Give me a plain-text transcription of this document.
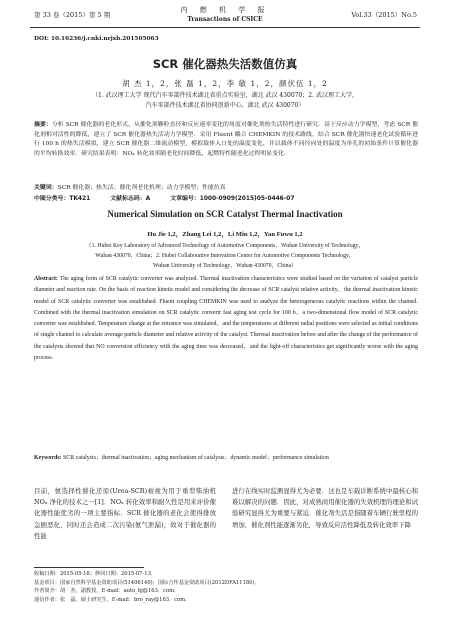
第 33 卷（2015）第 5 期
内 燃 机 学 报
Transactions of CSICE
Vol.33（2015）No.5
DOI: 10.16236/j.cnki.nrjxb.201505063
SCR 催化器热失活数值仿真
胡 杰 1，2，张 磊 1，2，李 敏 1，2，颜伏伍 1，2
（1. 武汉理工大学 现代汽车零部件技术湖北省重点实验室，湖北 武汉 430070；2. 武汉理工大学，
汽车零部件技术湖北省协同创新中心，湖北 武汉 430070）
摘要：分析 SCR 催化器的老化形式，从催化剂颗粒直径和反应速率变化的角度对催化剂热失活特性进行研究．基于反应动力学模型，考虑 SCR 催化剂相对活性的降低，建立了 SCR 催化器热失活动力学模型．采用 Fluent 耦合 CHEMKIN 的技术路线，结合 SCR 催化器快速老化试验循环进行 100 h 的热失活模拟，建立 SCR 催化器二维流动模型，模拟载体入口处的温度变化，并以载体不同径向处的温度为单孔的初始条件计算催化器的平均转换效率．研究结果表明：NOₓ 转化效率随老化时间降低，起燃特性随老化过程明显变化．
关键词：SCR 催化器；热失活；催化剂老化机理；动力学模型；性能仿真
中图分类号：TK421	文献标志码：A	文章编号：1000-0909(2015)05-0446-07
Numerical Simulation on SCR Catalyst Thermal Inactivation
Hu Jie 1,2，Zhang Lei 1,2，Li Min 1,2，Yan Fuwu 1,2
（1. Hubei Key Laboratory of Advanced Technology of Automotive Components，Wuhan University of Technology，
Wuhan 430070，China；2. Hubei Collaborative Innovation Center for Automotive Components Technology，
Wuhan University of Technology，Wuhan 430070，China）
Abstract: The aging form of SCR catalytic converter was analyzed. Thermal inactivation characteristics were studied based on the variation of catalyst particle diameter and reaction rate. On the basis of reaction kinetic model and considering the decrease of SCR catalyst relative activity，the thermal inactivation kinetic model of SCR catalytic converter was established. Fluent coupling CHEMKIN was used to analyze the heterogeneous catalytic reactions within the channel. Combined with the thermal inactivation simulation on SCR catalytic convertr fast aging test cycle for 100 h，a two-dimensional flow model of SCR catalytic converter was established. Temperature change at the entrance was simulated，and the temperatures at different radial positions were selected as initial conditions of single channel to calculate average particle diameter and relative activity of the catalyst. Thermal inactivation before and after the change of the performance of the catalysts showed that NO conversion efficiency with the aging time was decreased，and the light-off characteristics get significantly worse with the aging process.
Keywords: SCR catalysts；thermal inactivation；aging mechanism of catalysts；dynamic model；performance simulation
目前，氨选择性催化还原(Urea-SCR)被视为用于重型柴油机 NOₓ 净化的技术之一[1]．NOₓ 转化效率和耐久性是用来评价催化器性能优劣的一项主要指标．SCR 催化器的老化会使得排放急剧恶化，同时还会造成二次污染(氨气泄漏)，故对于催化器的性能
进行在线实时监测显得尤为必要．这也是车载诊断系统中最核心和难以解决的问题．因此，对成熟商用催化器的失效机理的理论和试验研究显得尤为重要与紧迫．催化剂失活是指随着车辆行驶里程的增加，催化剂性能逐渐劣化，导致反应活性降低及转化效率下降
收稿日期：2015-05-18；修回日期：2015-07-13．
基金项目：国家自然科学基金资助项目(51406140)；国际合作基金资助项目(2012DFA11180)．
作者简介：胡　杰，副教授，E-mail：auto_hj@163．com．
通信作者：张　磊，硕士研究生，E-mail：bro_ray@163．com．
